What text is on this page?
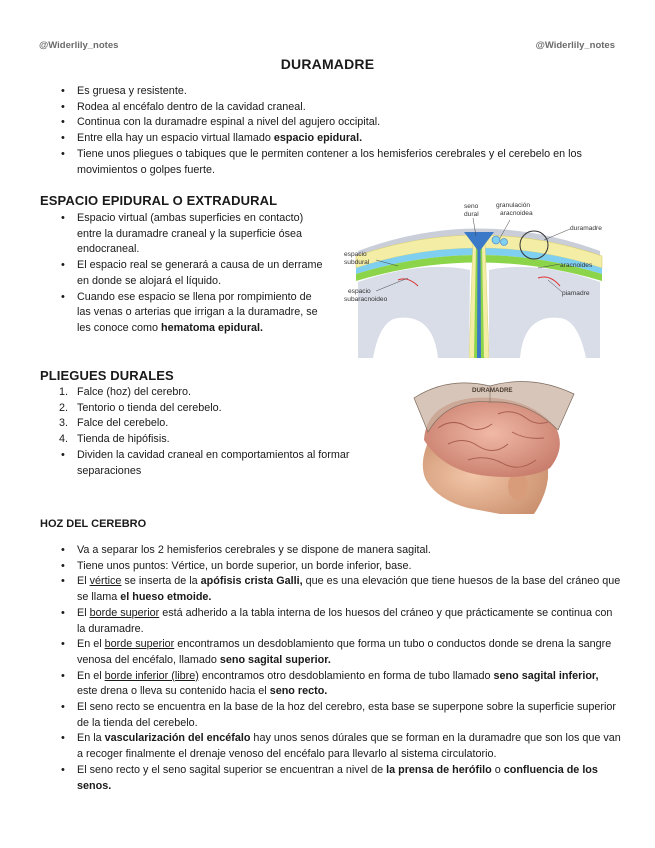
@Widerlily_notes	@Widerlily_notes
DURAMADRE
• Es gruesa y resistente.
• Rodea al encéfalo dentro de la cavidad craneal.
• Continua con la duramadre espinal a nivel del agujero occipital.
• Entre ella hay un espacio virtual llamado espacio epidural.
• Tiene unos pliegues o tabiques que le permiten contener a los hemisferios cerebrales y el cerebelo en los movimientos o golpes fuerte.
ESPACIO EPIDURAL O EXTRADURAL
• Espacio virtual (ambas superficies en contacto) entre la duramadre craneal y la superficie ósea endocraneal.
• El espacio real se generará a causa de un derrame en donde se alojará el líquido.
• Cuando ese espacio se llena por rompimiento de las venas o arterias que irrigan a la duramadre, se les conoce como hematoma epidural.
seno
dural
granulación
aracnoidea
duramadre
espacio
subdural	aracnoides
espacio
subaracnoideo
piamadre
PLIEGUES DURALES
1. Falce (hoz) del cerebro.
2. Tentorio o tienda del cerebelo.
3. Falce del cerebelo.
4. Tienda de hipófisis.
• Dividen la cavidad craneal en comportamientos al formar separaciones
DURAMADRE
HOZ DEL CEREBRO
• Va a separar los 2 hemisferios cerebrales y se dispone de manera sagital.
• Tiene unos puntos: Vértice, un borde superior, un borde inferior, base.
• El vértice se inserta de la apófisis crista Galli, que es una elevación que tiene huesos de la base del cráneo que se llama el hueso etmoide.
• El borde superior está adherido a la tabla interna de los huesos del cráneo y que prácticamente se continua con la duramadre.
• En el borde superior encontramos un desdoblamiento que forma un tubo o conductos donde se drena la sangre venosa del encéfalo, llamado seno sagital superior.
• En el borde inferior (libre) encontramos otro desdoblamiento en forma de tubo llamado seno sagital inferior, este drena o lleva su contenido hacia el seno recto.
• El seno recto se encuentra en la base de la hoz del cerebro, esta base se superpone sobre la superficie superior de la tienda del cerebelo.
• En la vascularización del encéfalo hay unos senos dúrales que se forman en la duramadre que son los que van a recoger finalmente el drenaje venoso del encéfalo para llevarlo al sistema circulatorio.
• El seno recto y el seno sagital superior se encuentran a nivel de la prensa de herófilo o confluencia de los senos.
